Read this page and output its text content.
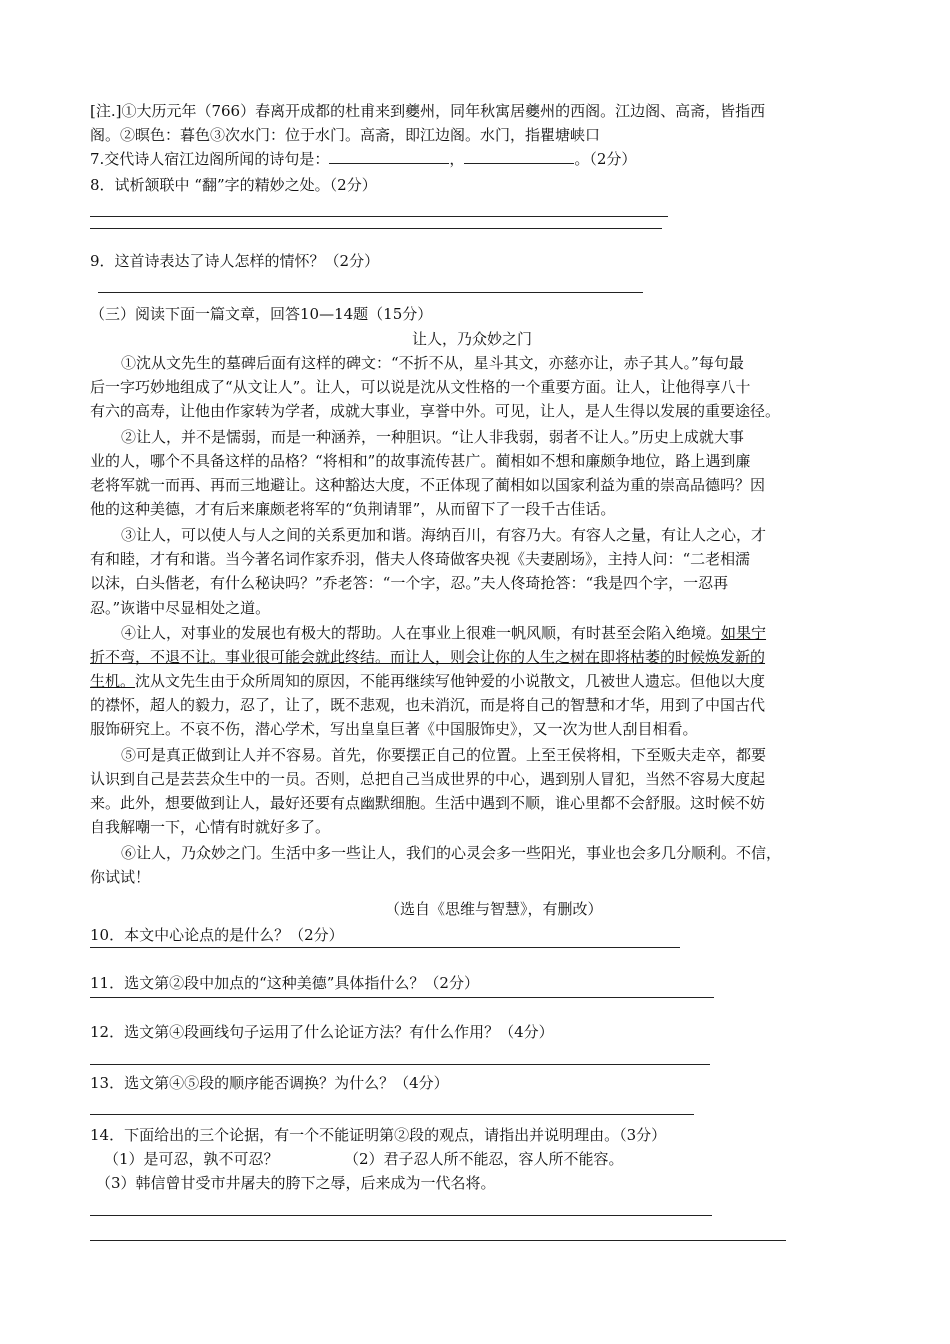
[注.]①大历元年（766）春离开成都的杜甫来到夔州，同年秋寓居夔州的西阁。江边阁、高斋，皆指西
阁。②暝色：暮色③次水门：位于水门。高斋，即江边阁。水门，指瞿塘峡口
7.交代诗人宿江边阁所闻的诗句是：	，	。（2分）
8．试析颔联中 “翻”字的精妙之处。（2分）
9．这首诗表达了诗人怎样的情怀？（2分）
（三）阅读下面一篇文章，回答10—14题（15分）
让人，乃众妙之门
①沈从文先生的墓碑后面有这样的碑文：“不折不从，星斗其文，亦慈亦让，赤子其人。”每句最
后一字巧妙地组成了“从文让人”。让人，可以说是沈从文性格的一个重要方面。让人，让他得享八十
有六的高寿，让他由作家转为学者，成就大事业，享誉中外。可见，让人，是人生得以发展的重要途径。
②让人，并不是懦弱，而是一种涵养，一种胆识。“让人非我弱，弱者不让人。”历史上成就大事
业的人，哪个不具备这样的品格？“将相和”的故事流传甚广。蔺相如不想和廉颇争地位，路上遇到廉
老将军就一而再、再而三地避让。这种豁达大度，不正体现了蔺相如以国家利益为重的崇高品德吗？因
他的这种美德，才有后来廉颇老将军的“负荆请罪”，从而留下了一段千古佳话。
③让人，可以使人与人之间的关系更加和谐。海纳百川，有容乃大。有容人之量，有让人之心，才
有和睦，才有和谐。当今著名词作家乔羽，偕夫人佟琦做客央视《夫妻剧场》，主持人问：“二老相濡
以沫，白头偕老，有什么秘诀吗？”乔老答：“一个字，忍。”夫人佟琦抢答：“我是四个字，一忍再
忍。”诙谐中尽显相处之道。
④让人，对事业的发展也有极大的帮助。人在事业上很难一帆风顺，有时甚至会陷入绝境。如果宁
折不弯，不退不让。事业很可能会就此终结。而让人，则会让你的人生之树在即将枯萎的时候焕发新的
生机。沈从文先生由于众所周知的原因，不能再继续写他钟爱的小说散文，几被世人遗忘。但他以大度
的襟怀，超人的毅力，忍了，让了，既不悲观，也未消沉，而是将自己的智慧和才华，用到了中国古代
服饰研究上。不哀不伤，潜心学术，写出皇皇巨著《中国服饰史》，又一次为世人刮目相看。
⑤可是真正做到让人并不容易。首先，你要摆正自己的位置。上至王侯将相，下至贩夫走卒，都要
认识到自己是芸芸众生中的一员。否则，总把自己当成世界的中心，遇到别人冒犯，当然不容易大度起
来。此外，想要做到让人，最好还要有点幽默细胞。生活中遇到不顺，谁心里都不会舒服。这时候不妨
自我解嘲一下，心情有时就好多了。
⑥让人，乃众妙之门。生活中多一些让人，我们的心灵会多一些阳光，事业也会多几分顺利。不信，
你试试！
（选自《思维与智慧》，有删改）
10．本文中心论点的是什么？（2分）
11．选文第②段中加点的“这种美德”具体指什么？（2分）
12．选文第④段画线句子运用了什么论证方法？有什么作用？（4分）
13．选文第④⑤段的顺序能否调换？为什么？（4分）
14．下面给出的三个论据，有一个不能证明第②段的观点，请指出并说明理由。（3分）
（1）是可忍，孰不可忍？	（2）君子忍人所不能忍，容人所不能容。
（3）韩信曾甘受市井屠夫的胯下之辱，后来成为一代名将。
